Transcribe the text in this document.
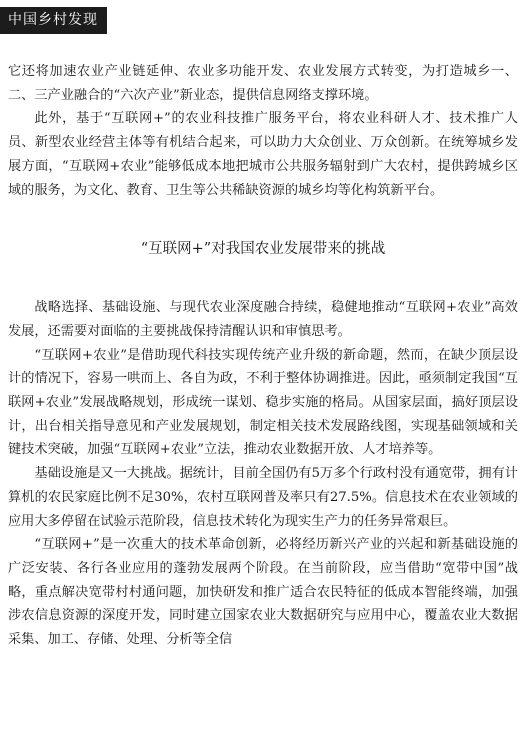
中国乡村发现

它还将加速农业产业链延伸、农业多功能开发、农业发展方式转变，为打造城乡一、二、三产业融合的“六次产业”新业态，提供信息网络支撑环境。

此外，基于“互联网+”的农业科技推广服务平台，将农业科研人才、技术推广人员、新型农业经营主体等有机结合起来，可以助力大众创业、万众创新。在统筹城乡发展方面，“互联网+农业”能够低成本地把城市公共服务辐射到广大农村，提供跨城乡区域的服务，为文化、教育、卫生等公共稀缺资源的城乡均等化构筑新平台。

“互联网+”对我国农业发展带来的挑战

战略选择、基础设施、与现代农业深度融合持续，稳健地推动“互联网+农业”高效发展，还需要对面临的主要挑战保持清醒认识和审慎思考。

“互联网+农业”是借助现代科技实现传统产业升级的新命题，然而，在缺少顶层设计的情况下，容易一哄而上、各自为政，不利于整体协调推进。因此，亟须制定我国“互联网+农业”发展战略规划，形成统一谋划、稳步实施的格局。从国家层面，搞好顶层设计，出台相关指导意见和产业发展规划，制定相关技术发展路线图，实现基础领域和关键技术突破，加强“互联网+农业”立法，推动农业数据开放、人才培养等。

基础设施是又一大挑战。据统计，目前全国仍有5万多个行政村没有通宽带，拥有计算机的农民家庭比例不足30%，农村互联网普及率只有27.5%。信息技术在农业领域的应用大多停留在试验示范阶段，信息技术转化为现实生产力的任务异常艰巨。

“互联网+”是一次重大的技术革命创新，必将经历新兴产业的兴起和新基础设施的广泛安装、各行各业应用的蓬勃发展两个阶段。在当前阶段，应当借助“宽带中国”战略，重点解决宽带村村通问题，加快研发和推广适合农民特征的低成本智能终端，加强涉农信息资源的深度开发，同时建立国家农业大数据研究与应用中心，覆盖农业大数据采集、加工、存储、处理、分析等全信
